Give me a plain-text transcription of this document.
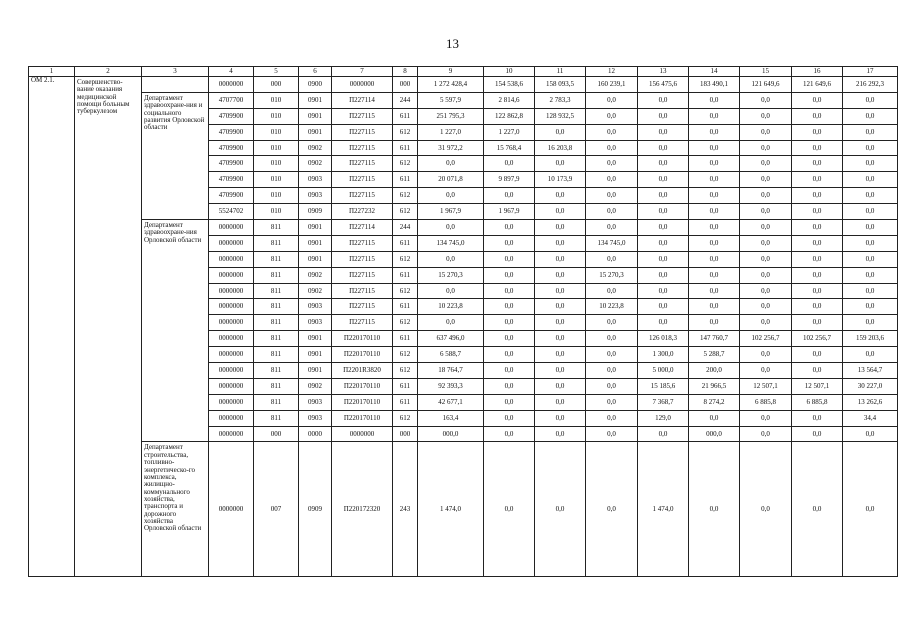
13
1	2	3	4	5	6	7	8	9	10	11	12	13	14	15	16	17
ОМ 2.1.	Совершенство-вание оказания медицинской помощи больным туберкулезом		0000000	000	0900	0000000	000	1 272 428,4	154 538,6	158 093,5	160 239,1	156 475,6	183 490,1	121 649,6	121 649,6	216 292,3
		Департамент здравоохране-ния и социального развития Орловской области	4707700	010	0901	П227114	244	5 597,9	2 814,6	2 783,3	0,0	0,0	0,0	0,0	0,0	0,0
			4709900	010	0901	П227115	611	251 795,3	122 862,8	128 932,5	0,0	0,0	0,0	0,0	0,0	0,0
			4709900	010	0901	П227115	612	1 227,0	1 227,0	0,0	0,0	0,0	0,0	0,0	0,0	0,0
			4709900	010	0902	П227115	611	31 972,2	15 768,4	16 203,8	0,0	0,0	0,0	0,0	0,0	0,0
			4709900	010	0902	П227115	612	0,0	0,0	0,0	0,0	0,0	0,0	0,0	0,0	0,0
			4709900	010	0903	П227115	611	20 071,8	9 897,9	10 173,9	0,0	0,0	0,0	0,0	0,0	0,0
			4709900	010	0903	П227115	612	0,0	0,0	0,0	0,0	0,0	0,0	0,0	0,0	0,0
			5524702	010	0909	П227232	612	1 967,9	1 967,9	0,0	0,0	0,0	0,0	0,0	0,0	0,0
		Департамент здравоохране-ния Орловской области	0000000	811	0901	П227114	244	0,0	0,0	0,0	0,0	0,0	0,0	0,0	0,0	0,0
			0000000	811	0901	П227115	611	134 745,0	0,0	0,0	134 745,0	0,0	0,0	0,0	0,0	0,0
			0000000	811	0901	П227115	612	0,0	0,0	0,0	0,0	0,0	0,0	0,0	0,0	0,0
			0000000	811	0902	П227115	611	15 270,3	0,0	0,0	15 270,3	0,0	0,0	0,0	0,0	0,0
			0000000	811	0902	П227115	612	0,0	0,0	0,0	0,0	0,0	0,0	0,0	0,0	0,0
			0000000	811	0903	П227115	611	10 223,8	0,0	0,0	10 223,8	0,0	0,0	0,0	0,0	0,0
			0000000	811	0903	П227115	612	0,0	0,0	0,0	0,0	0,0	0,0	0,0	0,0	0,0
			0000000	811	0901	П220170110	611	637 496,0	0,0	0,0	0,0	126 018,3	147 760,7	102 256,7	102 256,7	159 203,6
			0000000	811	0901	П220170110	612	6 588,7	0,0	0,0	0,0	1 300,0	5 288,7	0,0	0,0	0,0
			0000000	811	0901	П2201R3820	612	18 764,7	0,0	0,0	0,0	5 000,0	200,0	0,0	0,0	13 564,7
			0000000	811	0902	П220170110	611	92 393,3	0,0	0,0	0,0	15 185,6	21 966,5	12 507,1	12 507,1	30 227,0
			0000000	811	0903	П220170110	611	42 677,1	0,0	0,0	0,0	7 368,7	8 274,2	6 885,8	6 885,8	13 262,6
			0000000	811	0903	П220170110	612	163,4	0,0	0,0	0,0	129,0	0,0	0,0	0,0	34,4
			0000000	000	0000	0000000	000	000,0	0,0	0,0	0,0	0,0	000,0	0,0	0,0	0,0
		Департамент строительства, топливно-энергетическо-го комплекса, жилищно-коммунального хозяйства, транспорта и дорожного хозяйства Орловской области	0000000	007	0909	П220172320	243	1 474,0	0,0	0,0	0,0	1 474,0	0,0	0,0	0,0	0,0
